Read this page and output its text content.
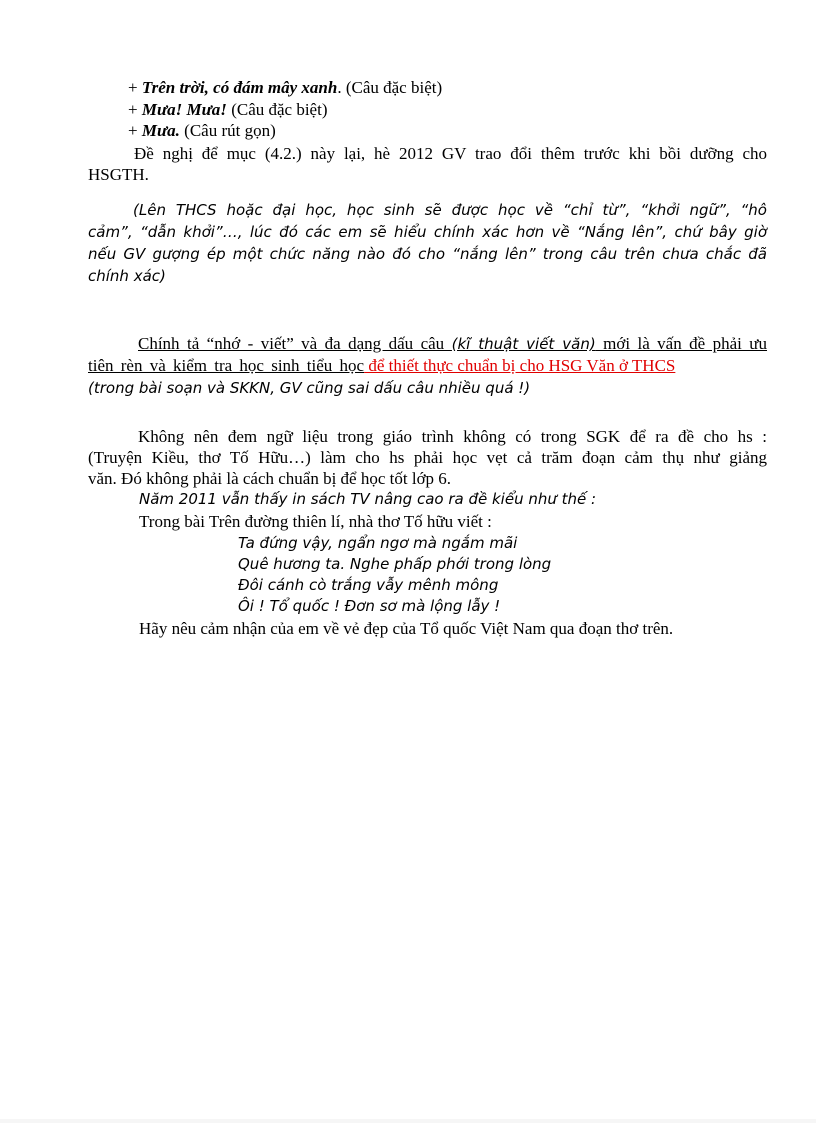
+ Trên trời, có đám mây xanh. (Câu đặc biệt)
+ Mưa! Mưa! (Câu đặc biệt)
+ Mưa. (Câu rút gọn)
Đề nghị để mục (4.2.) này lại, hè 2012 GV trao đổi thêm trước khi bồi dưỡng cho
HSGTH.
(Lên THCS hoặc đại học, học sinh sẽ được học về “chỉ từ”, “khởi ngữ”, “hô
cảm”, “dẫn khởi”…, lúc đó các em sẽ hiểu chính xác hơn về “Nắng lên”, chứ bây giờ
nếu GV gượng ép một chức năng nào đó cho “nắng lên” trong câu trên chưa chắc đã
chính xác)
Chính tả “nhớ - viết” và đa dạng dấu câu (kĩ thuật viết văn) mới là vấn đề phải ưu
tiên rèn và kiểm tra học sinh tiểu học để thiết thực chuẩn bị cho HSG Văn ở THCS
(trong bài soạn và SKKN, GV cũng sai dấu câu nhiều quá !)
Không nên đem ngữ liệu trong giáo trình không có trong SGK để ra đề cho hs :
(Truyện Kiều, thơ Tố Hữu…) làm cho hs phải học vẹt cả trăm đoạn cảm thụ như giảng
văn. Đó không phải là cách chuẩn bị để học tốt lớp 6.
Năm 2011 vẫn thấy in sách TV nâng cao ra đề kiểu như thế :
Trong bài Trên đường thiên lí, nhà thơ Tố hữu viết :
Ta đứng vậy, ngẩn ngơ mà ngắm mãi
Quê hương ta. Nghe phấp phới trong lòng
Đôi cánh cò trắng vẫy mênh mông
Ôi ! Tổ quốc ! Đơn sơ mà lộng lẫy !
Hãy nêu cảm nhận của em về vẻ đẹp của Tổ quốc Việt Nam qua đoạn thơ trên.
